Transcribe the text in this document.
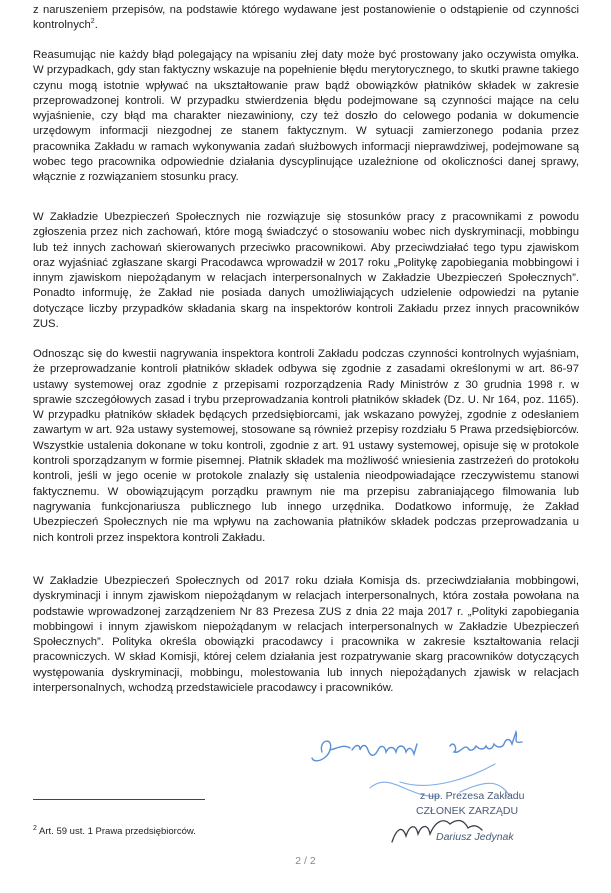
z naruszeniem przepisów, na podstawie którego wydawane jest postanowienie o odstąpienie od czynności kontrolnych$^2$.

Reasumując nie każdy błąd polegający na wpisaniu złej daty może być prostowany jako oczywista omyłka. W przypadkach, gdy stan faktyczny wskazuje na popełnienie błędu merytorycznego, to skutki prawne takiego czynu mogą istotnie wpływać na ukształtowanie praw bądź obowiązków płatników składek w zakresie przeprowadzonej kontroli. W przypadku stwierdzenia błędu podejmowane są czynności mające na celu wyjaśnienie, czy błąd ma charakter niezawiniony, czy też doszło do celowego podania w dokumencie urzędowym informacji niezgodnej ze stanem faktycznym. W sytuacji zamierzonego podania przez pracownika Zakładu w ramach wykonywania zadań służbowych informacji nieprawdziwej, podejmowane są wobec tego pracownika odpowiednie działania dyscyplinujące uzależnione od okoliczności danej sprawy, włącznie z rozwiązaniem stosunku pracy.

W Zakładzie Ubezpieczeń Społecznych nie rozwiązuje się stosunków pracy z pracownikami z powodu zgłoszenia przez nich zachowań, które mogą świadczyć o stosowaniu wobec nich dyskryminacji, mobbingu lub też innych zachowań skierowanych przeciwko pracownikowi. Aby przeciwdziałać tego typu zjawiskom oraz wyjaśniać zgłaszane skargi Pracodawca wprowadził w 2017 roku „Politykę zapobiegania mobbingowi i innym zjawiskom niepożądanym w relacjach interpersonalnych w Zakładzie Ubezpieczeń Społecznych”. Ponadto informuję, że Zakład nie posiada danych umożliwiających udzielenie odpowiedzi na pytanie dotyczące liczby przypadków składania skarg na inspektorów kontroli Zakładu przez innych pracowników ZUS.

Odnosząc się do kwestii nagrywania inspektora kontroli Zakładu podczas czynności kontrolnych wyjaśniam, że przeprowadzanie kontroli płatników składek odbywa się zgodnie z zasadami określonymi w art. 86-97 ustawy systemowej oraz zgodnie z przepisami rozporządzenia Rady Ministrów z 30 grudnia 1998 r. w sprawie szczegółowych zasad i trybu przeprowadzania kontroli płatników składek (Dz. U. Nr 164, poz. 1165). W przypadku płatników składek będących przedsiębiorcami, jak wskazano powyżej, zgodnie z odesłaniem zawartym w art. 92a ustawy systemowej, stosowane są również przepisy rozdziału 5 Prawa przedsiębiorców. Wszystkie ustalenia dokonane w toku kontroli, zgodnie z art. 91 ustawy systemowej, opisuje się w protokole kontroli sporządzanym w formie pisemnej. Płatnik składek ma możliwość wniesienia zastrzeżeń do protokołu kontroli, jeśli w jego ocenie w protokole znalazły się ustalenia nieodpowiadające rzeczywistemu stanowi faktycznemu. W obowiązującym porządku prawnym nie ma przepisu zabraniającego filmowania lub nagrywania funkcjonariusza publicznego lub innego urzędnika. Dodatkowo informuję, że Zakład Ubezpieczeń Społecznych nie ma wpływu na zachowania płatników składek podczas przeprowadzania u nich kontroli przez inspektora kontroli Zakładu.

W Zakładzie Ubezpieczeń Społecznych od 2017 roku działa Komisja ds. przeciwdziałania mobbingowi, dyskryminacji i innym zjawiskom niepożądanym w relacjach interpersonalnych, która została powołana na podstawie wprowadzonej zarządzeniem Nr 83 Prezesa ZUS z dnia 22 maja 2017 r. „Polityki zapobiegania mobbingowi i innym zjawiskom niepożądanym w relacjach interpersonalnych w Zakładzie Ubezpieczeń Społecznych”. Polityka określa obowiązki pracodawcy i pracownika w zakresie kształtowania relacji pracowniczych. W skład Komisji, której celem działania jest rozpatrywanie skarg pracowników dotyczących występowania dyskryminacji, mobbingu, molestowania lub innych niepożądanych zjawisk w relacjach interpersonalnych, wchodzą przedstawiciele pracodawcy i pracowników.

z up. Prezesa Zakładu
CZŁONEK ZARZĄDU
Dariusz Jedynak
$^2$ Art. 59 ust. 1 Prawa przedsiębiorców.
2 / 2
